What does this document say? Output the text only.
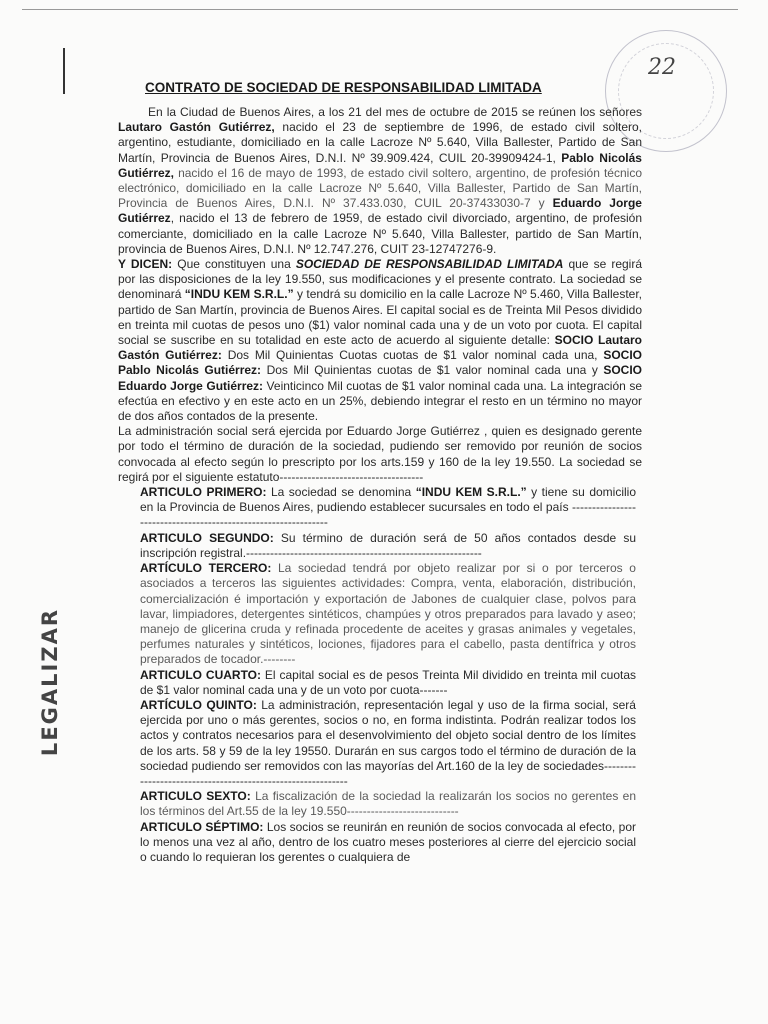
22
LEGALIZAR
CONTRATO DE SOCIEDAD DE RESPONSABILIDAD LIMITADA

En la Ciudad de Buenos Aires, a los 21 del mes de octubre de 2015 se reúnen los señores Lautaro Gastón Gutiérrez, nacido el 23 de septiembre de 1996, de estado civil soltero, argentino, estudiante, domiciliado en la calle Lacroze Nº 5.640, Villa Ballester, Partido de San Martín, Provincia de Buenos Aires, D.N.I. Nº 39.909.424, CUIL 20-39909424-1, Pablo Nicolás Gutiérrez, nacido el 16 de mayo de 1993, de estado civil soltero, argentino, de profesión técnico electrónico, domiciliado en la calle Lacroze Nº 5.640, Villa Ballester, Partido de San Martín, Provincia de Buenos Aires, D.N.I. Nº 37.433.030, CUIL 20-37433030-7 y Eduardo Jorge Gutiérrez, nacido el 13 de febrero de 1959, de estado civil divorciado, argentino, de profesión comerciante, domiciliado en la calle Lacroze Nº 5.640, Villa Ballester, partido de San Martín, provincia de Buenos Aires, D.N.I. Nº 12.747.276, CUIT 23-12747276-9.

Y DICEN: Que constituyen una SOCIEDAD DE RESPONSABILIDAD LIMITADA que se regirá por las disposiciones de la ley 19.550, sus modificaciones y el presente contrato. La sociedad se denominará “INDU KEM S.R.L.” y tendrá su domicilio en la calle Lacroze Nº 5.460, Villa Ballester, partido de San Martín, provincia de Buenos Aires. El capital social es de Treinta Mil Pesos dividido en treinta mil cuotas de pesos uno ($1) valor nominal cada una y de un voto por cuota. El capital social se suscribe en su totalidad en este acto de acuerdo al siguiente detalle: SOCIO Lautaro Gastón Gutiérrez: Dos Mil Quinientas Cuotas cuotas de $1 valor nominal cada una, SOCIO Pablo Nicolás Gutiérrez: Dos Mil Quinientas cuotas de $1 valor nominal cada una y SOCIO Eduardo Jorge Gutiérrez: Veinticinco Mil cuotas de $1 valor nominal cada una. La integración se efectúa en efectivo y en este acto en un 25%, debiendo integrar el resto en un término no mayor de dos años contados de la presente.

La administración social será ejercida por Eduardo Jorge Gutiérrez , quien es designado gerente por todo el término de duración de la sociedad, pudiendo ser removido por reunión de socios convocada al efecto según lo prescripto por los arts.159 y 160 de la ley 19.550. La sociedad se regirá por el siguiente estatuto------------------------------------

ARTICULO PRIMERO: La sociedad se denomina “INDU KEM S.R.L.” y tiene su domicilio en la Provincia de Buenos Aires, pudiendo establecer sucursales en todo el país ---------------------------------------------------------------

ARTICULO SEGUNDO: Su término de duración será de 50 años contados desde su inscripción registral.-----------------------------------------------------------

ARTÍCULO TERCERO: La sociedad tendrá por objeto realizar por si o por terceros o asociados a terceros las siguientes actividades: Compra, venta, elaboración, distribución, comercialización é importación y exportación de Jabones de cualquier clase, polvos para lavar, limpiadores, detergentes sintéticos, champúes y otros preparados para lavado y aseo; manejo de glicerina cruda y refinada procedente de aceites y grasas animales y vegetales, perfumes naturales y sintéticos, lociones, fijadores para el cabello, pasta dentífrica y otros preparados de tocador.--------

ARTICULO CUARTO: El capital social es de pesos Treinta Mil dividido en treinta mil cuotas de $1 valor nominal cada una y de un voto por cuota-------

ARTÍCULO QUINTO: La administración, representación legal y uso de la firma social, será ejercida por uno o más gerentes, socios o no, en forma indistinta. Podrán realizar todos los actos y contratos necesarios para el desenvolvimiento del objeto social dentro de los límites de los arts. 58 y 59 de la ley 19550. Durarán en sus cargos todo el término de duración de la sociedad pudiendo ser removidos con las mayorías del Art.160 de la ley de sociedades------------------------------------------------------------

ARTICULO SEXTO: La fiscalización de la sociedad la realizarán los socios no gerentes en los términos del Art.55 de la ley 19.550----------------------------

ARTICULO SÉPTIMO: Los socios se reunirán en reunión de socios convocada al efecto, por lo menos una vez al año, dentro de los cuatro meses posteriores al cierre del ejercicio social o cuando lo requieran los gerentes o cualquiera de
